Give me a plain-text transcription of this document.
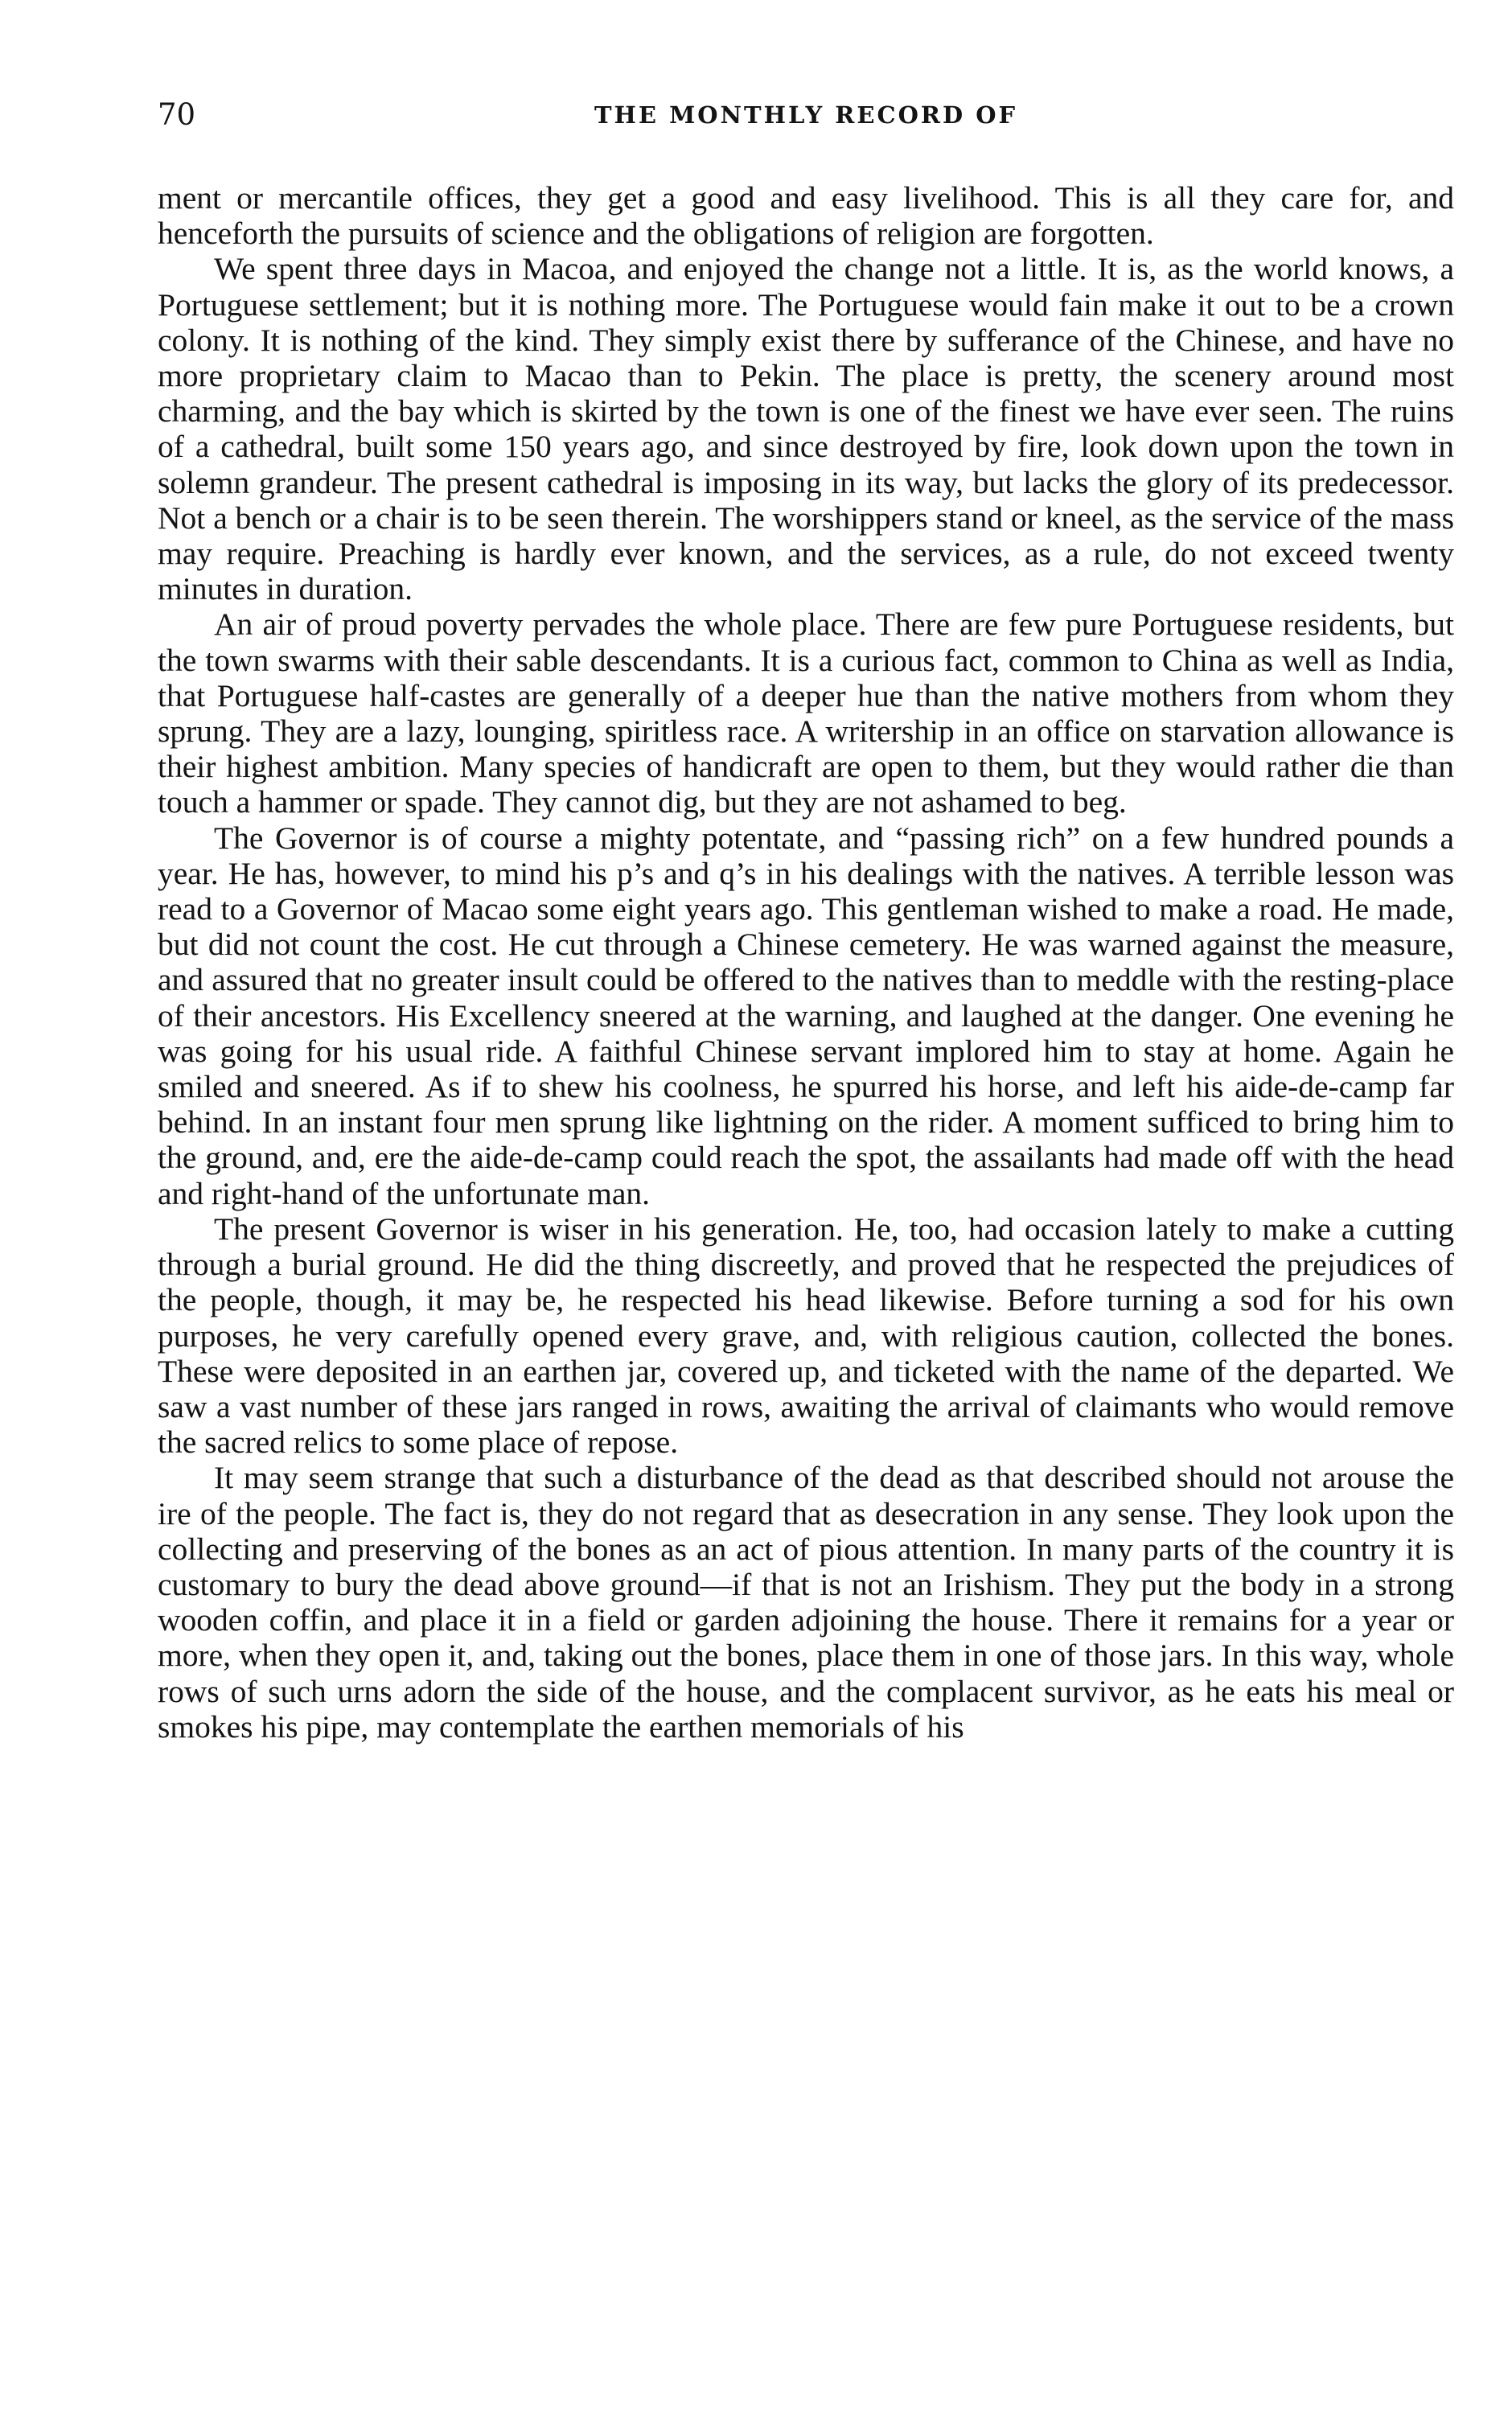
70	THE MONTHLY RECORD OF

ment or mercantile offices, they get a good and easy livelihood. This is all they care for, and henceforth the pursuits of science and the obligations of religion are forgotten.

We spent three days in Macoa, and enjoyed the change not a little. It is, as the world knows, a Portuguese settlement; but it is nothing more. The Portuguese would fain make it out to be a crown colony. It is nothing of the kind. They simply exist there by sufferance of the Chinese, and have no more proprietary claim to Macao than to Pekin. The place is pretty, the scenery around most charming, and the bay which is skirted by the town is one of the finest we have ever seen. The ruins of a cathedral, built some 150 years ago, and since destroyed by fire, look down upon the town in solemn grandeur. The present cathedral is imposing in its way, but lacks the glory of its predecessor. Not a bench or a chair is to be seen therein. The worshippers stand or kneel, as the service of the mass may require. Preaching is hardly ever known, and the services, as a rule, do not exceed twenty minutes in duration.

An air of proud poverty pervades the whole place. There are few pure Portuguese residents, but the town swarms with their sable descendants. It is a curious fact, common to China as well as India, that Portuguese half-castes are generally of a deeper hue than the native mothers from whom they sprung. They are a lazy, lounging, spiritless race. A writership in an office on starvation allowance is their highest ambition. Many species of handicraft are open to them, but they would rather die than touch a hammer or spade. They cannot dig, but they are not ashamed to beg.

The Governor is of course a mighty potentate, and “passing rich” on a few hundred pounds a year. He has, however, to mind his p’s and q’s in his dealings with the natives. A terrible lesson was read to a Governor of Macao some eight years ago. This gentleman wished to make a road. He made, but did not count the cost. He cut through a Chinese cemetery. He was warned against the measure, and assured that no greater insult could be offered to the natives than to meddle with the resting-place of their ancestors. His Excellency sneered at the warning, and laughed at the danger. One evening he was going for his usual ride. A faithful Chinese servant implored him to stay at home. Again he smiled and sneered. As if to shew his coolness, he spurred his horse, and left his aide-de-camp far behind. In an instant four men sprung like lightning on the rider. A moment sufficed to bring him to the ground, and, ere the aide-de-camp could reach the spot, the assailants had made off with the head and right-hand of the unfortunate man.

The present Governor is wiser in his generation. He, too, had occasion lately to make a cutting through a burial ground. He did the thing discreetly, and proved that he respected the prejudices of the people, though, it may be, he respected his head likewise. Before turning a sod for his own purposes, he very carefully opened every grave, and, with religious caution, collected the bones. These were deposited in an earthen jar, covered up, and ticketed with the name of the departed. We saw a vast number of these jars ranged in rows, awaiting the arrival of claimants who would remove the sacred relics to some place of repose.

It may seem strange that such a disturbance of the dead as that described should not arouse the ire of the people. The fact is, they do not regard that as desecration in any sense. They look upon the collecting and preserving of the bones as an act of pious attention. In many parts of the country it is customary to bury the dead above ground—if that is not an Irishism. They put the body in a strong wooden coffin, and place it in a field or garden adjoining the house. There it remains for a year or more, when they open it, and, taking out the bones, place them in one of those jars. In this way, whole rows of such urns adorn the side of the house, and the complacent survivor, as he eats his meal or smokes his pipe, may contemplate the earthen memorials of his
